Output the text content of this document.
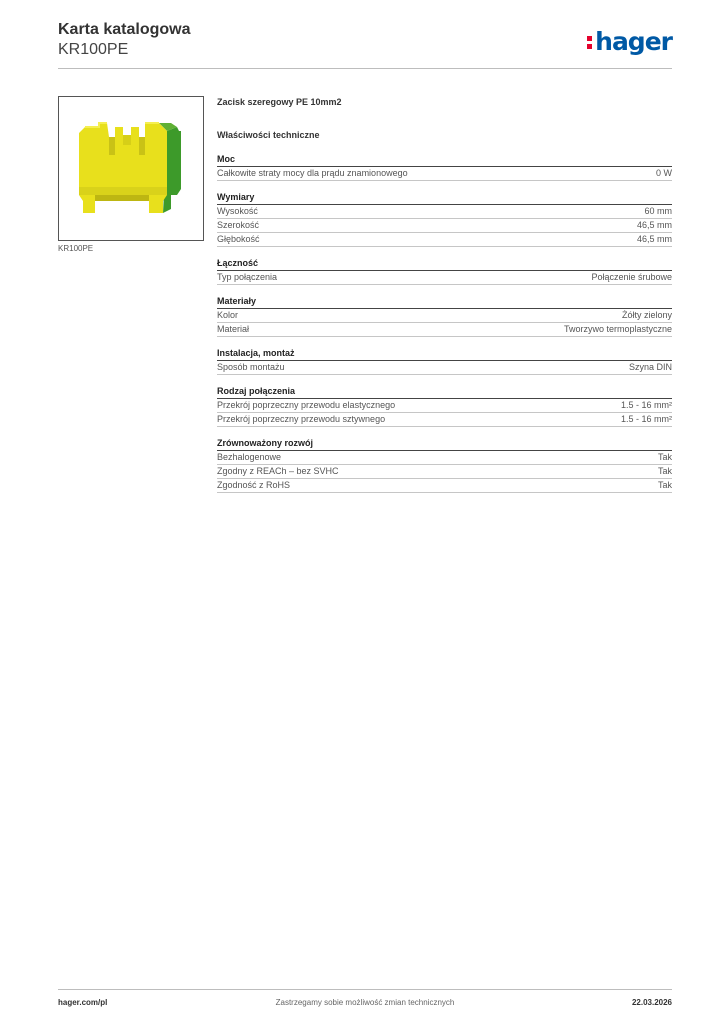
Karta katalogowa
KR100PE	hager
KR100PE
Zacisk szeregowy PE 10mm2
Właściwości techniczne
Moc
Całkowite straty mocy dla prądu znamionowego	0 W
Wymiary
Wysokość	60 mm
Szerokość	46,5 mm
Głębokość	46,5 mm
Łączność
Typ połączenia	Połączenie śrubowe
Materiały
Kolor	Żółty zielony
Materiał	Tworzywo termoplastyczne
Instalacja, montaż
Sposób montażu	Szyna DIN
Rodzaj połączenia
Przekrój poprzeczny przewodu elastycznego	1.5 - 16 mm²
Przekrój poprzeczny przewodu sztywnego	1.5 - 16 mm²
Zrównoważony rozwój
Bezhalogenowe	Tak
Zgodny z REACh – bez SVHC	Tak
Zgodność z RoHS	Tak
hager.com/pl	Zastrzegamy sobie możliwość zmian technicznych	22.03.2026
